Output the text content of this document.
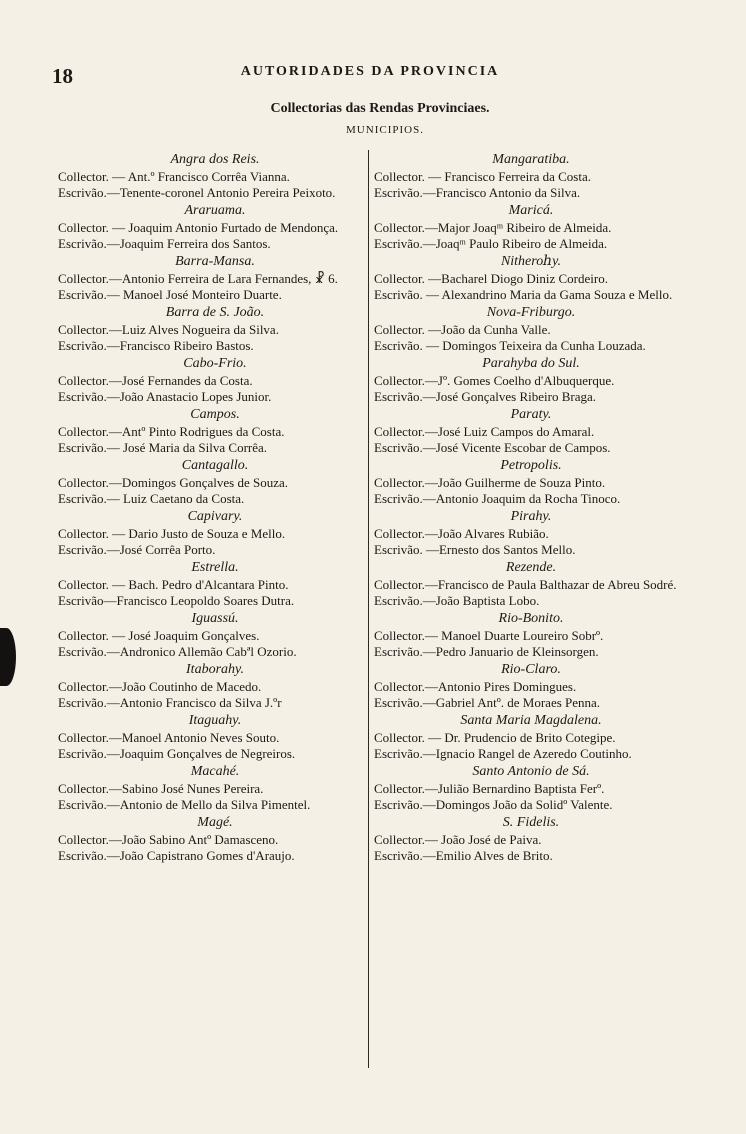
18	AUTORIDADES DA PROVINCIA
Collectorias das Rendas Provinciaes.
MUNICIPIOS.
Angra dos Reis.
Collector. — Ant.º Francisco Corrêa Vianna.
Escrivão.—Tenente-coronel Antonio Pereira Peixoto.
Araruama.
Collector. — Joaquim Antonio Furtado de Mendonça.
Escrivão.—Joaquim Ferreira dos Santos.
Barra-Mansa.
Collector.—Antonio Ferreira de Lara Fernandes, ☧ 6.
Escrivão.— Manoel José Monteiro Duarte.
Barra de S. João.
Collector.—Luiz Alves Nogueira da Silva.
Escrivão.—Francisco Ribeiro Bastos.
Cabo-Frio.
Collector.—José Fernandes da Costa.
Escrivão.—João Anastacio Lopes Junior.
Campos.
Collector.—Antº Pinto Rodrigues da Costa.
Escrivão.— José Maria da Silva Corrêa.
Cantagallo.
Collector.—Domingos Gonçalves de Souza.
Escrivão.— Luiz Caetano da Costa.
Capivary.
Collector. — Dario Justo de Souza e Mello.
Escrivão.—José Corrêa Porto.
Estrella.
Collector. — Bach. Pedro d'Alcantara Pinto.
Escrivão—Francisco Leopoldo Soares Dutra.
Iguassú.
Collector. — José Joaquim Gonçalves.
Escrivão.—Andronico Allemão Cabªl Ozorio.
Itaborahy.
Collector.—João Coutinho de Macedo.
Escrivão.—Antonio Francisco da Silva J.ºr
Itaguahy.
Collector.—Manoel Antonio Neves Souto.
Escrivão.—Joaquim Gonçalves de Negreiros.
Macahé.
Collector.—Sabino José Nunes Pereira.
Escrivão.—Antonio de Mello da Silva Pimentel.
Magé.
Collector.—João Sabino Antº Damasceno.
Escrivão.—João Capistrano Gomes d'Araujo.
Mangaratiba.
Collector. — Francisco Ferreira da Costa.
Escrivão.—Francisco Antonio da Silva.
Maricá.
Collector.—Major Joaqᵐ Ribeiro de Almeida.
Escrivão.—Joaqᵐ Paulo Ribeiro de Almeida.
Nitheroհy.
Collector. —Bacharel Diogo Diniz Cordeiro.
Escrivão. — Alexandrino Maria da Gama Souza e Mello.
Nova-Friburgo.
Collector. —João da Cunha Valle.
Escrivão. — Domingos Teixeira da Cunha Louzada.
Parahyba do Sul.
Collector.—Jº. Gomes Coelho d'Albuquerque.
Escrivão.—José Gonçalves Ribeiro Braga.
Paraty.
Collector.—José Luiz Campos do Amaral.
Escrivão.—José Vicente Escobar de Campos.
Petropolis.
Collector.—João Guilherme de Souza Pinto.
Escrivão.—Antonio Joaquim da Rocha Tinoco.
Pirahy.
Collector.—João Alvares Rubião.
Escrivão. —Ernesto dos Santos Mello.
Rezende.
Collector.—Francisco de Paula Balthazar de Abreu Sodré.
Escrivão.—João Baptista Lobo.
Rio-Bonito.
Collector.— Manoel Duarte Loureiro Sobrº.
Escrivão.—Pedro Januario de Kleinsorgen.
Rio-Claro.
Collector.—Antonio Pires Domingues.
Escrivão.—Gabriel Antº. de Moraes Penna.
Santa Maria Magdalena.
Collector. — Dr. Prudencio de Brito Cotegipe.
Escrivão.—Ignacio Rangel de Azeredo Coutinho.
Santo Antonio de Sá.
Collector.—Julião Bernardino Baptista Ferº.
Escrivão.—Domingos João da Solidº Valente.
S. Fidelis.
Collector.— João José de Paiva.
Escrivão.—Emilio Alves de Brito.
